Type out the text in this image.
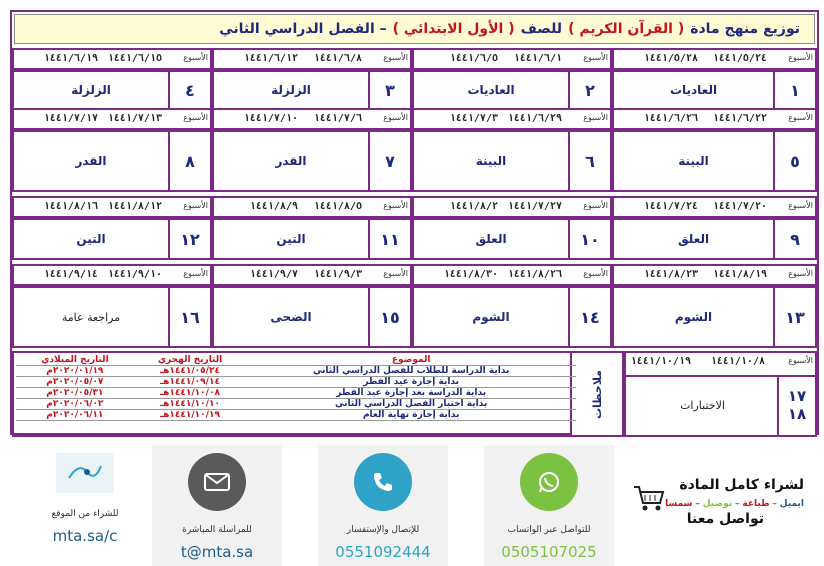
توزيع منهج مادة
( القرآن الكريم )
للصف
( الأول الابتدائي )
– الفصل الدراسي الثاني
الأسبوع
١٤٤١/٥/٢٤
١٤٤١/٥/٢٨
١
العاديات
الأسبوع
١٤٤١/٦/١
١٤٤١/٦/٥
٢
العاديات
الأسبوع
١٤٤١/٦/٨
١٤٤١/٦/١٢
٣
الزلزلة
الأسبوع
١٤٤١/٦/١٥
١٤٤١/٦/١٩
٤
الزلزلة
الأسبوع
١٤٤١/٦/٢٢
١٤٤١/٦/٢٦
٥
البينة
الأسبوع
١٤٤١/٦/٢٩
١٤٤١/٧/٣
٦
البينة
الأسبوع
١٤٤١/٧/٦
١٤٤١/٧/١٠
٧
القدر
الأسبوع
١٤٤١/٧/١٣
١٤٤١/٧/١٧
٨
القدر
الأسبوع
١٤٤١/٧/٢٠
١٤٤١/٧/٢٤
٩
العلق
الأسبوع
١٤٤١/٧/٢٧
١٤٤١/٨/٢
١٠
العلق
الأسبوع
١٤٤١/٨/٥
١٤٤١/٨/٩
١١
التين
الأسبوع
١٤٤١/٨/١٢
١٤٤١/٨/١٦
١٢
التين
الأسبوع
١٤٤١/٨/١٩
١٤٤١/٨/٢٣
١٣
الشوم
الأسبوع
١٤٤١/٨/٢٦
١٤٤١/٨/٣٠
١٤
الشوم
الأسبوع
١٤٤١/٩/٣
١٤٤١/٩/٧
١٥
الضحى
الأسبوع
١٤٤١/٩/١٠
١٤٤١/٩/١٤
١٦
مراجعة عامة
الأسبوع
١٤٤١/١٠/٨
١٤٤١/١٠/١٩
١٧
١٨
الاختبارات
ملاحظات
الموضوع	التاريخ الهجري	التاريخ الميلادي
بداية الدراسة للطلاب للفصل الدراسي الثاني	١٤٤١/٠٥/٢٤هـ	٢٠٢٠/٠١/١٩م
بداية إجازة عيد الفطر	١٤٤١/٠٩/١٤هـ	٢٠٢٠/٠٥/٠٧م
بداية الدراسة بعد إجازة عيد الفطر	١٤٤١/١٠/٠٨هـ	٢٠٢٠/٠٥/٣١م
بداية اختبار الفصل الدراسي الثاني	١٤٤١/١٠/١٠هـ	٢٠٢٠/٠٦/٠٢م
بداية إجازة نهاية العام	١٤٤١/١٠/١٩هـ	٢٠٢٠/٠٦/١١م
للشراء من الموقع
mta.sa/c	للمراسلة المباشرة
t@mta.sa
للإتصال والإستفسار
0551092444
للتواصل عبر الواتساب
0505107025
لشراء كامل المادة
ايميل – طباعة – توصيل – سمسا
تواصل معنا
